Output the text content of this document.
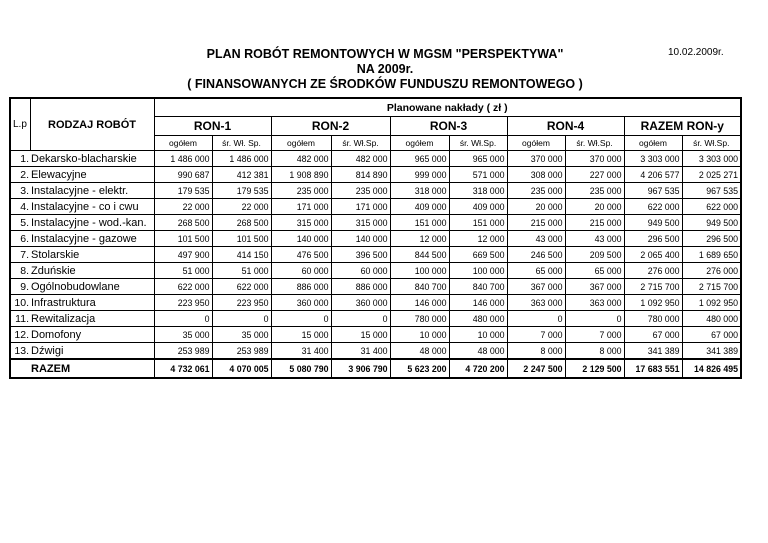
PLAN ROBÓT REMONTOWYCH W MGSM "PERSPEKTYWA"
NA 2009r.
( FINANSOWANYCH ZE ŚRODKÓW FUNDUSZU REMONTOWEGO )
10.02.2009r.
L.p	RODZAJ ROBÓT	Planowane nakłady ( zł )									
		RON-1		RON-2		RON-3		RON-4		RAZEM RON-y	
		ogółem	śr. Wł. Sp.	ogółem	śr. Wł.Sp.	ogółem	śr. Wł.Sp.	ogółem	śr. Wł.Sp.	ogółem	śr. Wł.Sp.
1.	Dekarsko-blacharskie	1 486 000	1 486 000	482 000	482 000	965 000	965 000	370 000	370 000	3 303 000	3 303 000
2.	Elewacyjne	990 687	412 381	1 908 890	814 890	999 000	571 000	308 000	227 000	4 206 577	2 025 271
3.	Instalacyjne - elektr.	179 535	179 535	235 000	235 000	318 000	318 000	235 000	235 000	967 535	967 535
4.	Instalacyjne - co i cwu	22 000	22 000	171 000	171 000	409 000	409 000	20 000	20 000	622 000	622 000
5.	Instalacyjne - wod.-kan.	268 500	268 500	315 000	315 000	151 000	151 000	215 000	215 000	949 500	949 500
6.	Instalacyjne - gazowe	101 500	101 500	140 000	140 000	12 000	12 000	43 000	43 000	296 500	296 500
7.	Stolarskie	497 900	414 150	476 500	396 500	844 500	669 500	246 500	209 500	2 065 400	1 689 650
8.	Zduńskie	51 000	51 000	60 000	60 000	100 000	100 000	65 000	65 000	276 000	276 000
9.	Ogólnobudowlane	622 000	622 000	886 000	886 000	840 700	840 700	367 000	367 000	2 715 700	2 715 700
10.	Infrastruktura	223 950	223 950	360 000	360 000	146 000	146 000	363 000	363 000	1 092 950	1 092 950
11.	Rewitalizacja	0	0	0	0	780 000	480 000	0	0	780 000	480 000
12.	Domofony	35 000	35 000	15 000	15 000	10 000	10 000	7 000	7 000	67 000	67 000
13.	Dźwigi	253 989	253 989	31 400	31 400	48 000	48 000	8 000	8 000	341 389	341 389
RAZEM		4 732 061	4 070 005	5 080 790	3 906 790	5 623 200	4 720 200	2 247 500	2 129 500	17 683 551	14 826 495
